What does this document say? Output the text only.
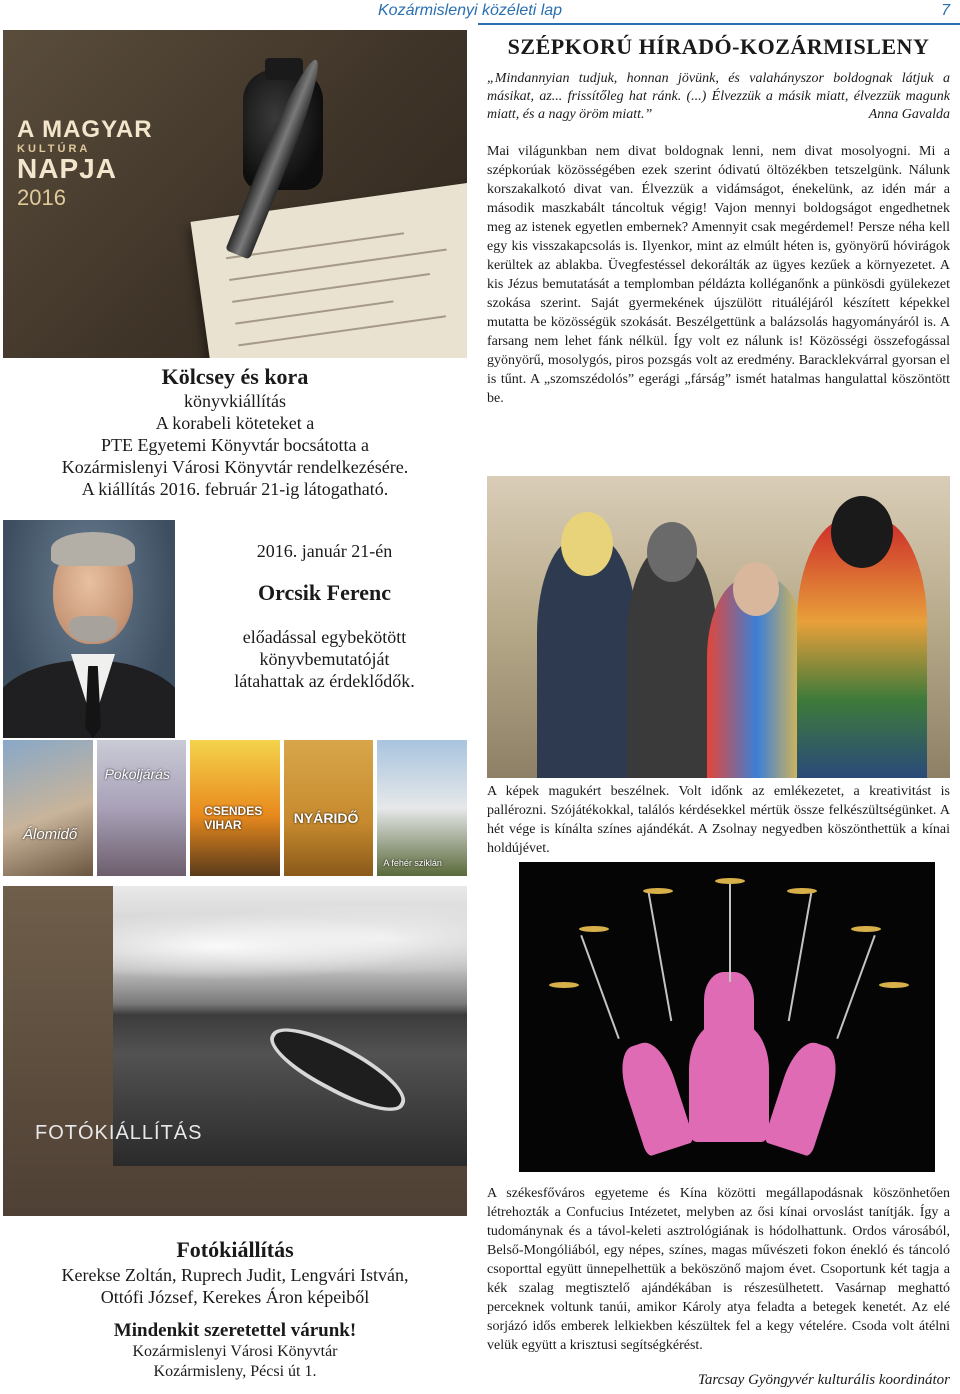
Kozármislenyi közéleti lap	7
A MAGYAR
KULTÚRA
NAPJA
2016
Kölcsey és kora
könyvkiállítás
A korabeli köteteket a
PTE Egyetemi Könyvtár bocsátotta a
Kozármislenyi Városi Könyvtár rendelkezésére.
A kiállítás 2016. február 21-ig látogatható.
2016. január 21-én
Orcsik Ferenc
előadással egybekötött
könyvbemutatóját
látahattak az érdeklődők.
Álomidő
Pokoljárás
CSENDES VIHAR	NYÁRIDŐ
A fehér sziklán
FOTÓKIÁLLÍTÁS
Fotókiállítás
Kerekse Zoltán, Ruprech Judit, Lengvári István,
Ottófi József, Kerekes Áron képeiből
Mindenkit szeretettel várunk!
Kozármislenyi Városi Könyvtár
Kozármisleny, Pécsi út 1.
SZÉPKORÚ HÍRADÓ-KOZÁRMISLENY
„Mindannyian tudjuk, honnan jövünk, és valahányszor boldognak látjuk a másikat, az... frissítőleg hat ránk. (...) Élvezzük a másik miatt, élvezzük magunk miatt, és a nagy öröm miatt.”	Anna Gavalda
Mai világunkban nem divat boldognak lenni, nem divat mosolyogni. Mi a szépkorúak közösségében ezek szerint ódivatú öltözékben tetszelgünk. Nálunk korszakalkotó divat van. Élvezzük a vidámságot, énekelünk, az idén már a második maszkabált táncoltuk végig! Vajon mennyi boldogságot engedhetnek meg az istenek egyetlen embernek? Amennyit csak megérdemel! Persze néha kell egy kis visszakapcsolás is. Ilyenkor, mint az elmúlt héten is, gyönyörű hóvirágok kerültek az ablakba. Üvegfestéssel dekorálták az ügyes kezűek a környezetet. A kis Jézus bemutatását a templomban példázta kolléganőnk a pünkösdi gyülekezet szokása szerint. Saját gyermekének újszülött rituáléjáról készített képekkel mutatta be közösségük szokását. Beszélgettünk a balázsolás hagyományáról is. A farsang nem lehet fánk nélkül. Így volt ez nálunk is! Közösségi összefogással gyönyörű, mosolygós, piros pozsgás volt az eredmény. Baracklekvárral gyorsan el is tűnt. A „szomszédolós” egerági „fárság” ismét hatalmas hangulattal köszöntött be.
A képek magukért beszélnek. Volt időnk az emlékezetet, a kreativitást is pallérozni. Szójátékokkal, találós kérdésekkel mértük össze felkészültségünket. A hét vége is kínálta színes ajándékát. A Zsolnay negyedben köszönthettük a kínai holdújévet.
A székesfőváros egyeteme és Kína közötti megállapodásnak köszönhetően létrehozták a Confucius Intézetet, melyben az ősi kínai orvoslást tanítják. Így a tudománynak és a távol-keleti asztrológiának is hódolhattunk. Ordos városából, Belső-Mongóliából, egy népes, színes, magas művészeti fokon énekló és táncoló csoporttal együtt ünnepelhettük a beköszönő majom évet. Csoportunk két tagja a kék szalag megtisztelő ajándékában is részesülhetett. Vasárnap meghattó perceknek voltunk tanúi, amikor Károly atya feladta a betegek kenetét. Az elé sorjázó idős emberek lelkiekben készültek fel a kegy vételére. Csoda volt átélni velük együtt a krisztusi segítségkérést.
Tarcsay Gyöngyvér kulturális koordinátor
